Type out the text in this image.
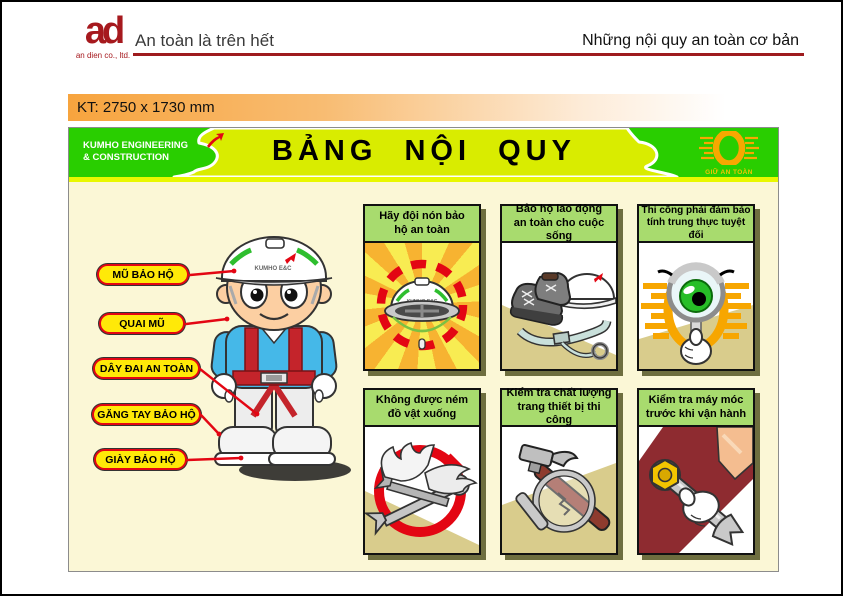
ad
an dien co., ltd.
An toàn là trên hết	Những nội quy an toàn cơ bản
KT: 2750 x 1730 mm
KUMHO ENGINEERING
& CONSTRUCTION	BẢNG NỘI QUY
GIỮ AN TOÀN
MŨ BẢO HỘ
QUAI MŨ
DÂY ĐAI AN TOÀN
GĂNG TAY BẢO HỘ
GIÀY BẢO HỘ
KUMHO E&C
Hãy đội nón bảo
hộ an toàn
Bảo hộ lao động
an toàn cho cuộc sống
Thi công phải đảm bảo
tính trung thực tuyệt đối
Không được ném
đồ vật xuống
Kiểm tra chất lượng
trang thiết bị thi công
Kiểm tra máy móc
trước khi vận hành
